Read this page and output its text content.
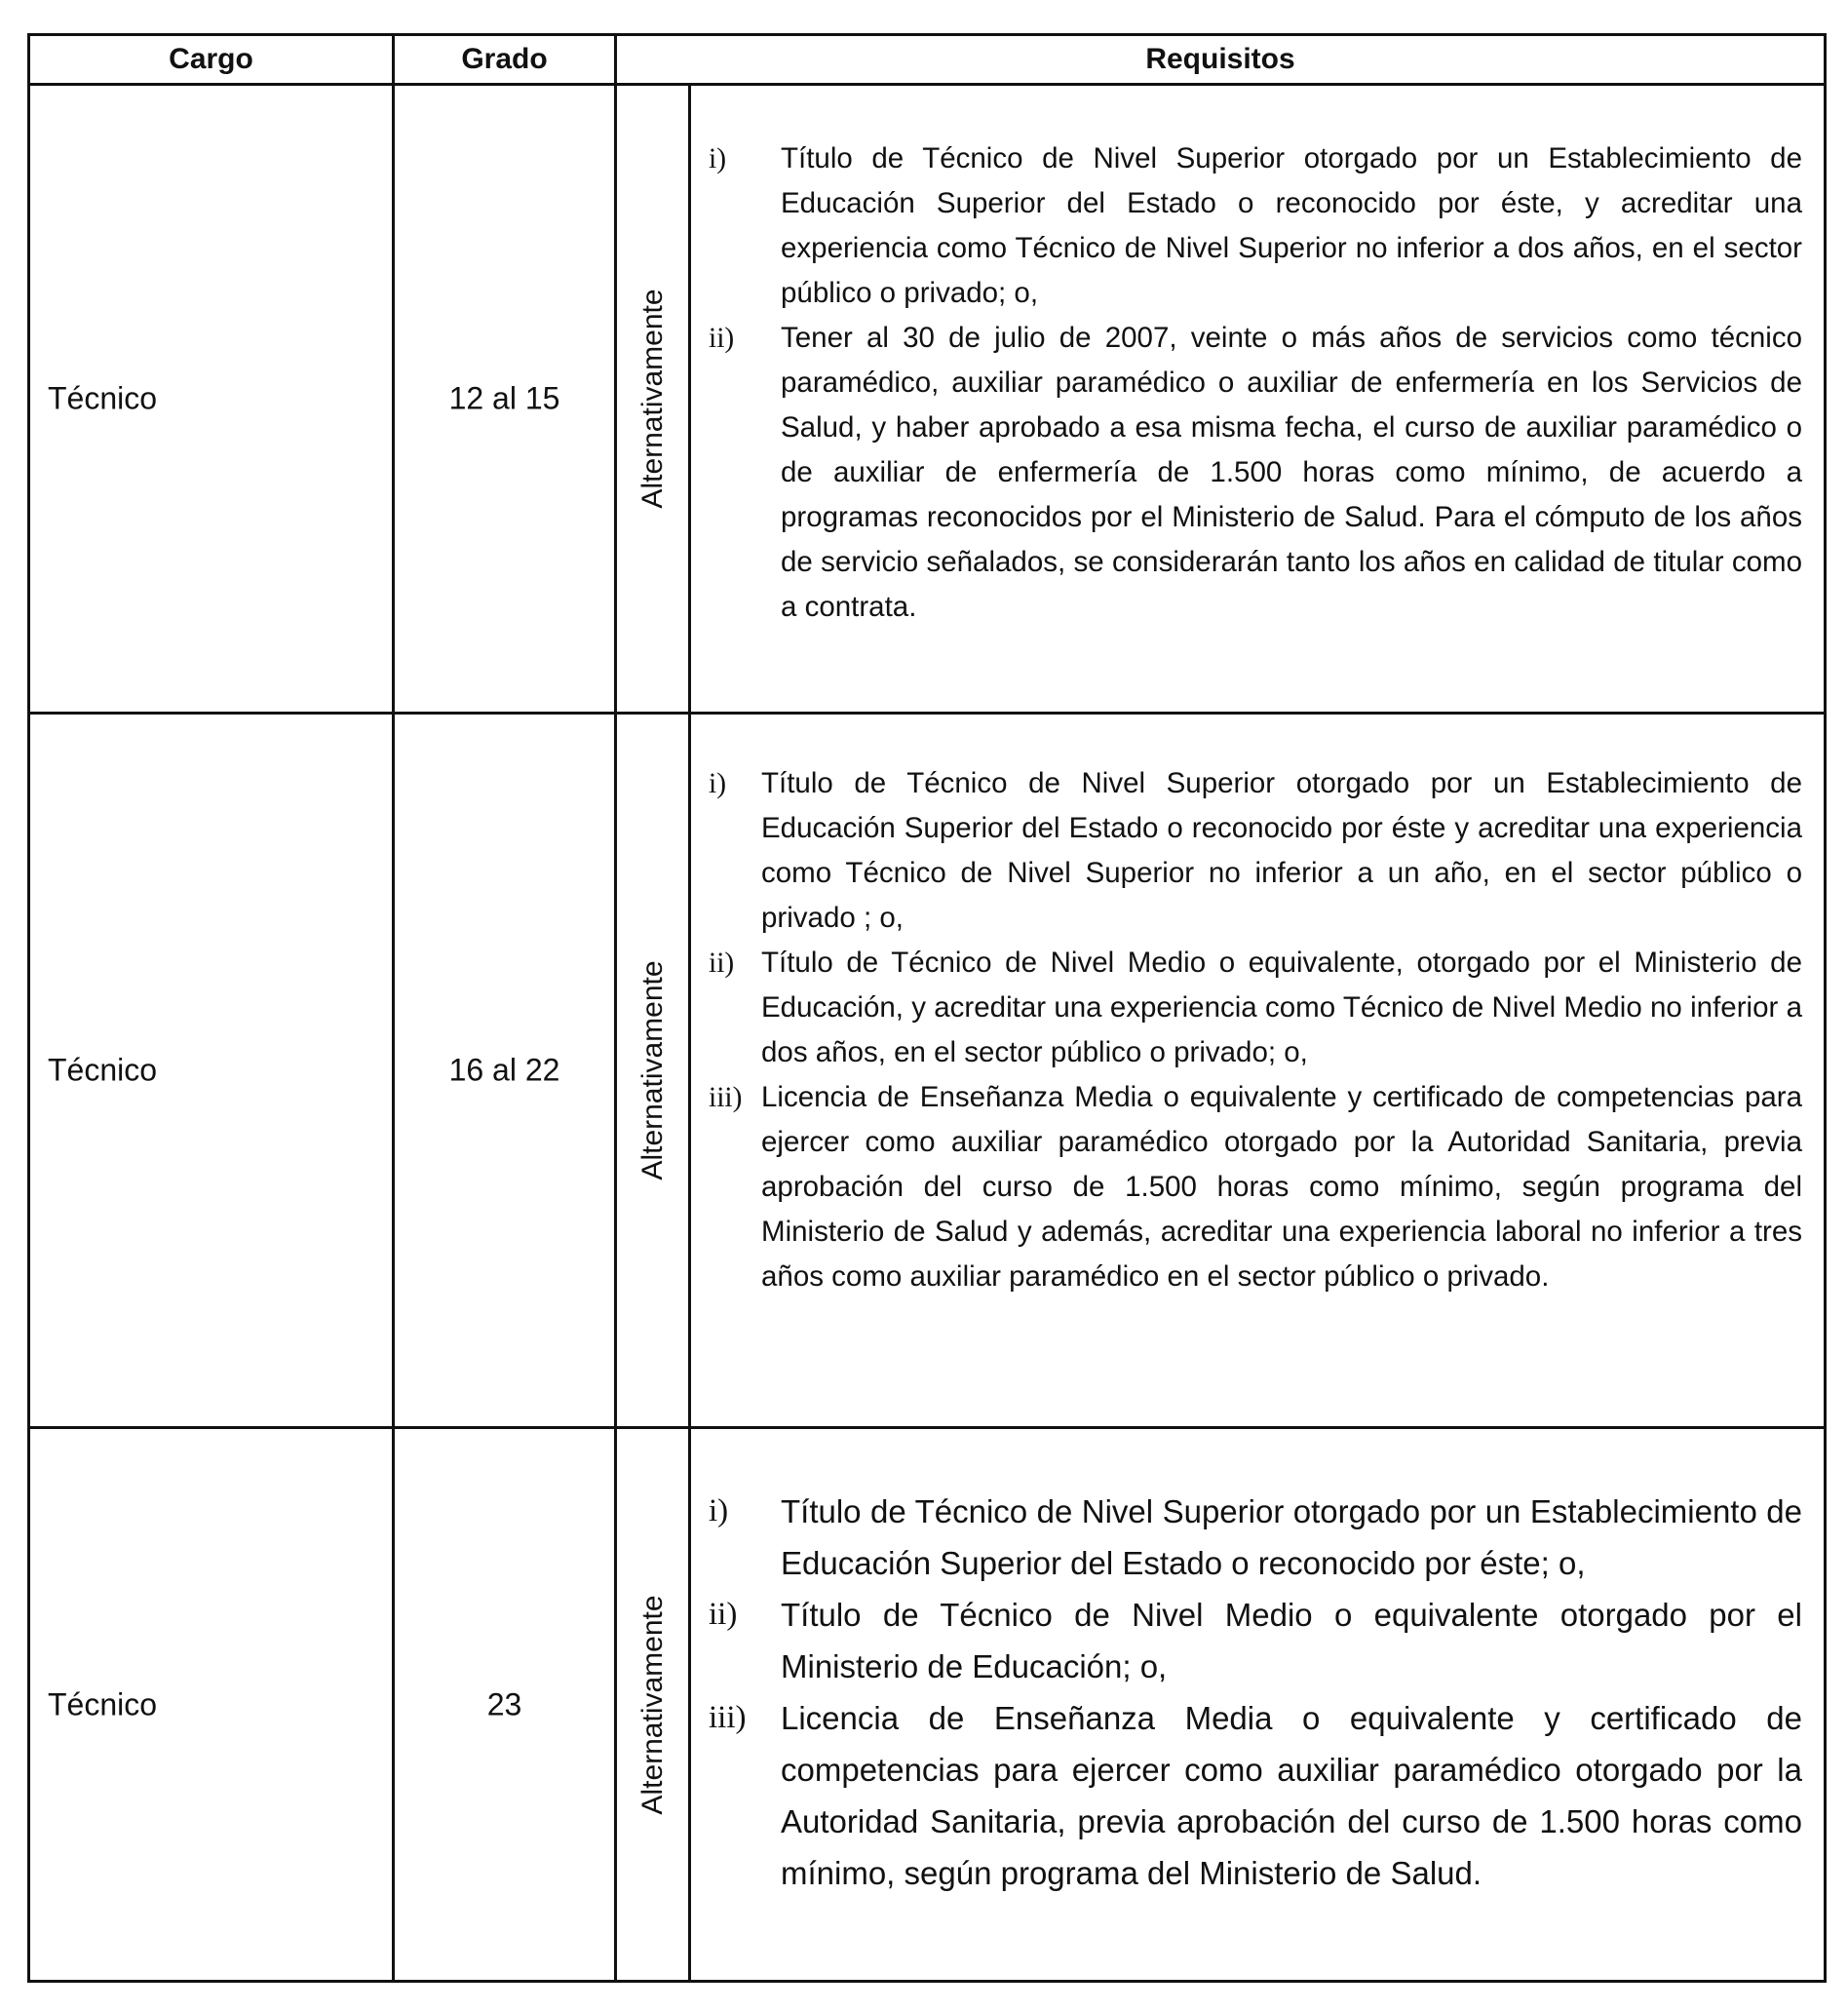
Cargo	Grado	Requisitos
Técnico	12 al 15	Alternativamente
i)	Título de Técnico de Nivel Superior otorgado por un Establecimiento de Educación Superior del Estado o reconocido por éste, y acreditar una experiencia como Técnico de Nivel Superior no inferior a dos años, en el sector público o privado; o,
ii)	Tener al 30 de julio de 2007, veinte o más años de servicios como técnico paramédico, auxiliar paramédico o auxiliar de enfermería en los Servicios de Salud, y haber aprobado a esa misma fecha, el curso de auxiliar paramédico o de auxiliar de enfermería de 1.500 horas como mínimo, de acuerdo a programas reconocidos por el Ministerio de Salud. Para el cómputo de los años de servicio señalados, se considerarán tanto los años en calidad de titular como a contrata.
Técnico	16 al 22	Alternativamente
i)	Título de Técnico de Nivel Superior otorgado por un Establecimiento de Educación Superior del Estado o reconocido por éste y acreditar una experiencia como Técnico de Nivel Superior no inferior a un año, en el sector público o privado ; o,
ii) Título de Técnico de Nivel Medio o equivalente, otorgado por el Ministerio de Educación, y acreditar una experiencia como Técnico de Nivel Medio no inferior a dos años, en el sector público o privado; o,
iii) Licencia de Enseñanza Media o equivalente y certificado de competencias para ejercer como auxiliar paramédico otorgado por la Autoridad Sanitaria, previa aprobación del curso de 1.500 horas como mínimo, según programa del Ministerio de Salud y además, acreditar una experiencia laboral no inferior a tres años como auxiliar paramédico en el sector público o privado.
Técnico	23	Alternativamente
i)	Título de Técnico de Nivel Superior otorgado por un Establecimiento de Educación Superior del Estado o reconocido por éste; o,
ii)	Título de Técnico de Nivel Medio o equivalente otorgado por el Ministerio de Educación; o,
iii)	Licencia de Enseñanza Media o equivalente y certificado de competencias para ejercer como auxiliar paramédico otorgado por la Autoridad Sanitaria, previa aprobación del curso de 1.500 horas como mínimo, según programa del Ministerio de Salud.
